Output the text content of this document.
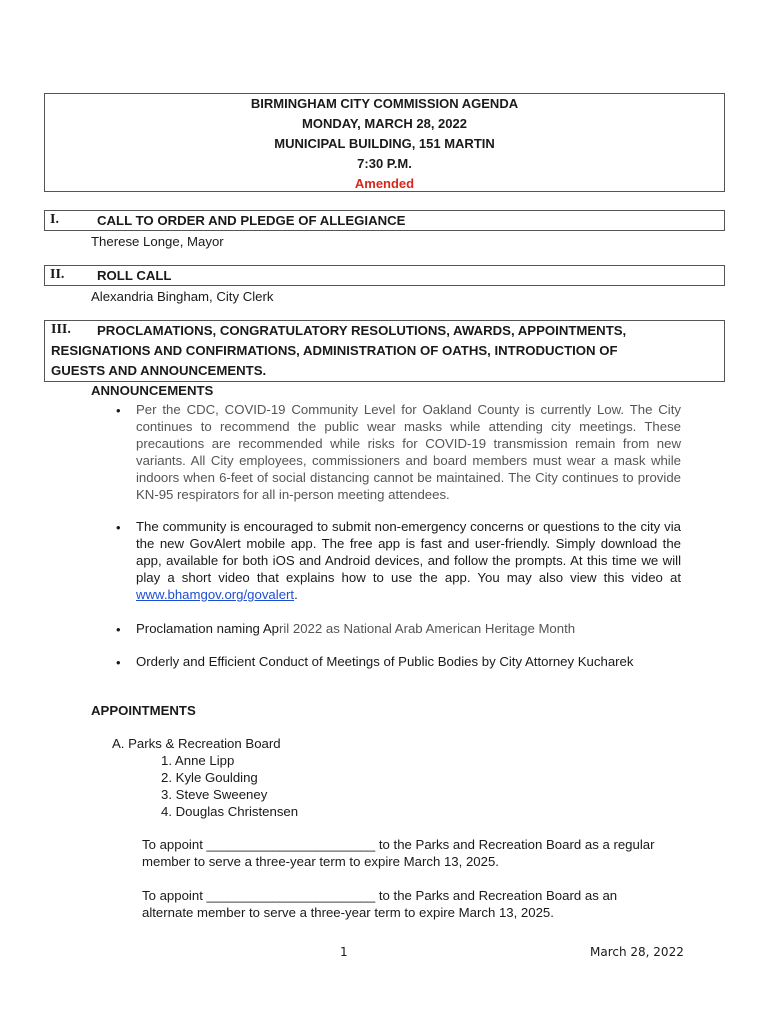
BIRMINGHAM CITY COMMISSION AGENDA
MONDAY, MARCH 28, 2022
MUNICIPAL BUILDING, 151 MARTIN
7:30 P.M.
Amended
I.	CALL TO ORDER AND PLEDGE OF ALLEGIANCE
Therese Longe, Mayor
II. ROLL CALL
Alexandria Bingham, City Clerk
III. PROCLAMATIONS, CONGRATULATORY RESOLUTIONS, AWARDS, APPOINTMENTS,
RESIGNATIONS AND CONFIRMATIONS, ADMINISTRATION OF OATHS, INTRODUCTION OF
GUESTS AND ANNOUNCEMENTS.
ANNOUNCEMENTS
• Per the CDC, COVID-19 Community Level for Oakland County is currently Low. The City continues to recommend the public wear masks while attending city meetings. These precautions are recommended while risks for COVID-19 transmission remain from new variants. All City employees, commissioners and board members must wear a mask while indoors when 6-feet of social distancing cannot be maintained. The City continues to provide KN-95 respirators for all in-person meeting attendees.
• The community is encouraged to submit non-emergency concerns or questions to the city via the new GovAlert mobile app. The free app is fast and user-friendly. Simply download the app, available for both iOS and Android devices, and follow the prompts. At this time we will play a short video that explains how to use the app. You may also view this video at www.bhamgov.org/govalert.
• Proclamation naming April 2022 as National Arab American Heritage Month
• Orderly and Efficient Conduct of Meetings of Public Bodies by City Attorney Kucharek
APPOINTMENTS
A. Parks & Recreation Board
1. Anne Lipp
2. Kyle Goulding
3. Steve Sweeney
4. Douglas Christensen
To appoint _______________________ to the Parks and Recreation Board as a regular
member to serve a three-year term to expire March 13, 2025.
To appoint _______________________ to the Parks and Recreation Board as an
alternate member to serve a three-year term to expire March 13, 2025.
1	March 28, 2022
